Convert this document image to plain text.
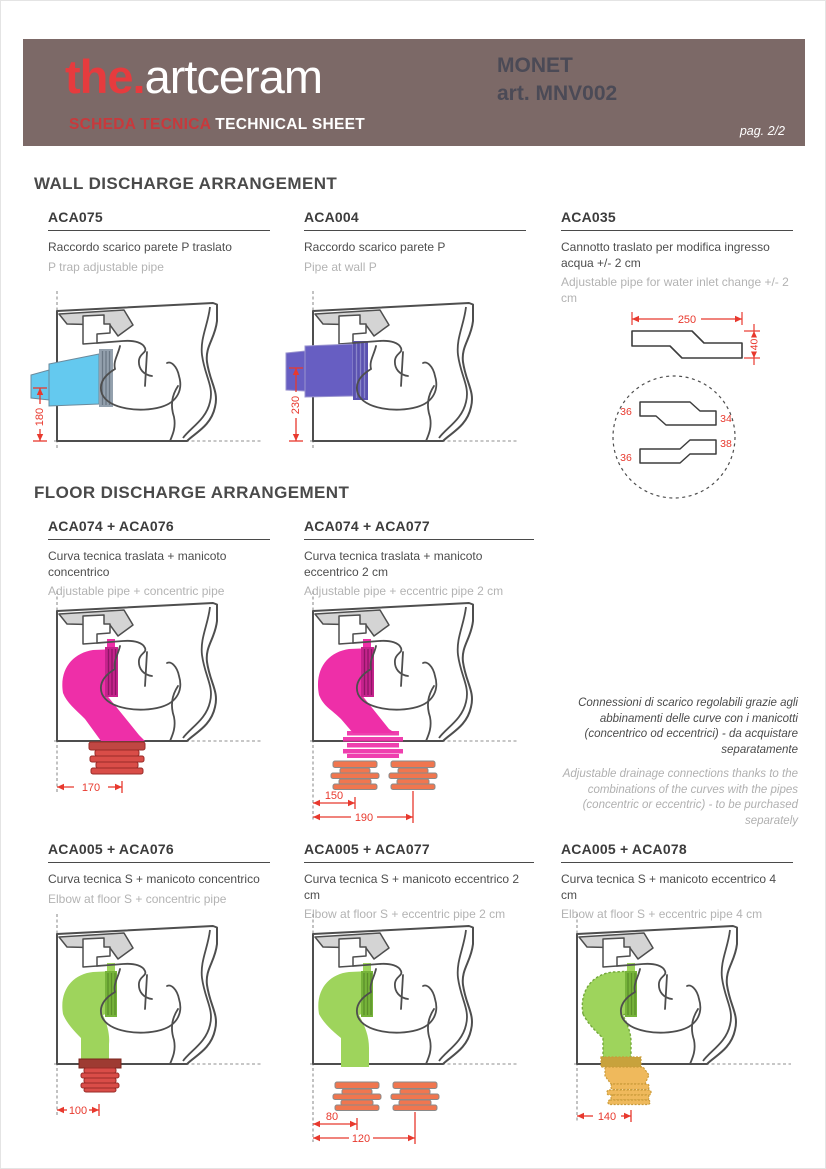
the.artceram
SCHEDA TECNICA TECHNICAL SHEET
MONET
art. MNV002
pag. 2/2
WALL DISCHARGE ARRANGEMENT
ACA075
Raccordo scarico parete P traslato
P trap adjustable pipe
ACA004
Raccordo scarico parete P
Pipe at wall P
ACA035
Cannotto traslato per modifica ingresso acqua +/- 2 cm
Adjustable pipe for water inlet change +/- 2 cm
180
230
250
40
36
34
36
38
FLOOR DISCHARGE ARRANGEMENT
ACA074 + ACA076
Curva tecnica traslata + manicoto concentrico
Adjustable pipe + concentric pipe
ACA074 + ACA077
Curva tecnica traslata + manicoto eccentrico 2 cm
Adjustable pipe + eccentric pipe 2 cm
170
150
190
Connessioni di scarico regolabili grazie agli abbinamenti delle curve con i manicotti (concentrico od eccentrici) - da acquistare separatamente
Adjustable drainage connections thanks to the combinations of the curves with the pipes (concentric or eccentric) - to be purchased separately
ACA005 + ACA076
Curva tecnica S + manicoto concentrico
Elbow at floor S + concentric pipe
ACA005 + ACA077
Curva tecnica S + manicoto eccentrico 2 cm
Elbow at floor S + eccentric pipe 2 cm
ACA005 + ACA078
Curva tecnica S + manicoto eccentrico 4 cm
Elbow at floor S + eccentric pipe 4 cm
100	80
120
140
